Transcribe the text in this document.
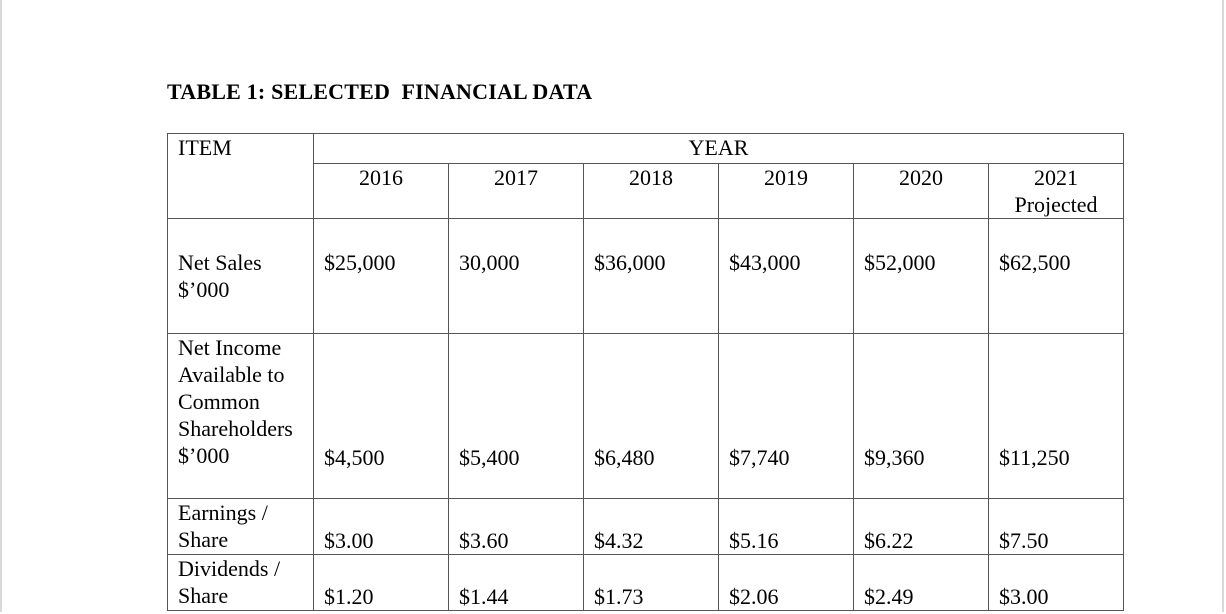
TABLE 1: SELECTED  FINANCIAL DATA
ITEM	YEAR					
	2016	2017	2018	2019	2020	2021
Projected

Net Sales
$’000	$25,000	30,000	$36,000	$43,000	$52,000	$62,500

Net Income
Available to
Common
Shareholders
$’000	$4,500	$5,400	$6,480	$7,740	$9,360	$11,250

Earnings /
Share	$3.00	$3.60	$4.32	$5.16	$6.22	$7.50

Dividends /
Share	$1.20	$1.44	$1.73	$2.06	$2.49	$3.00
